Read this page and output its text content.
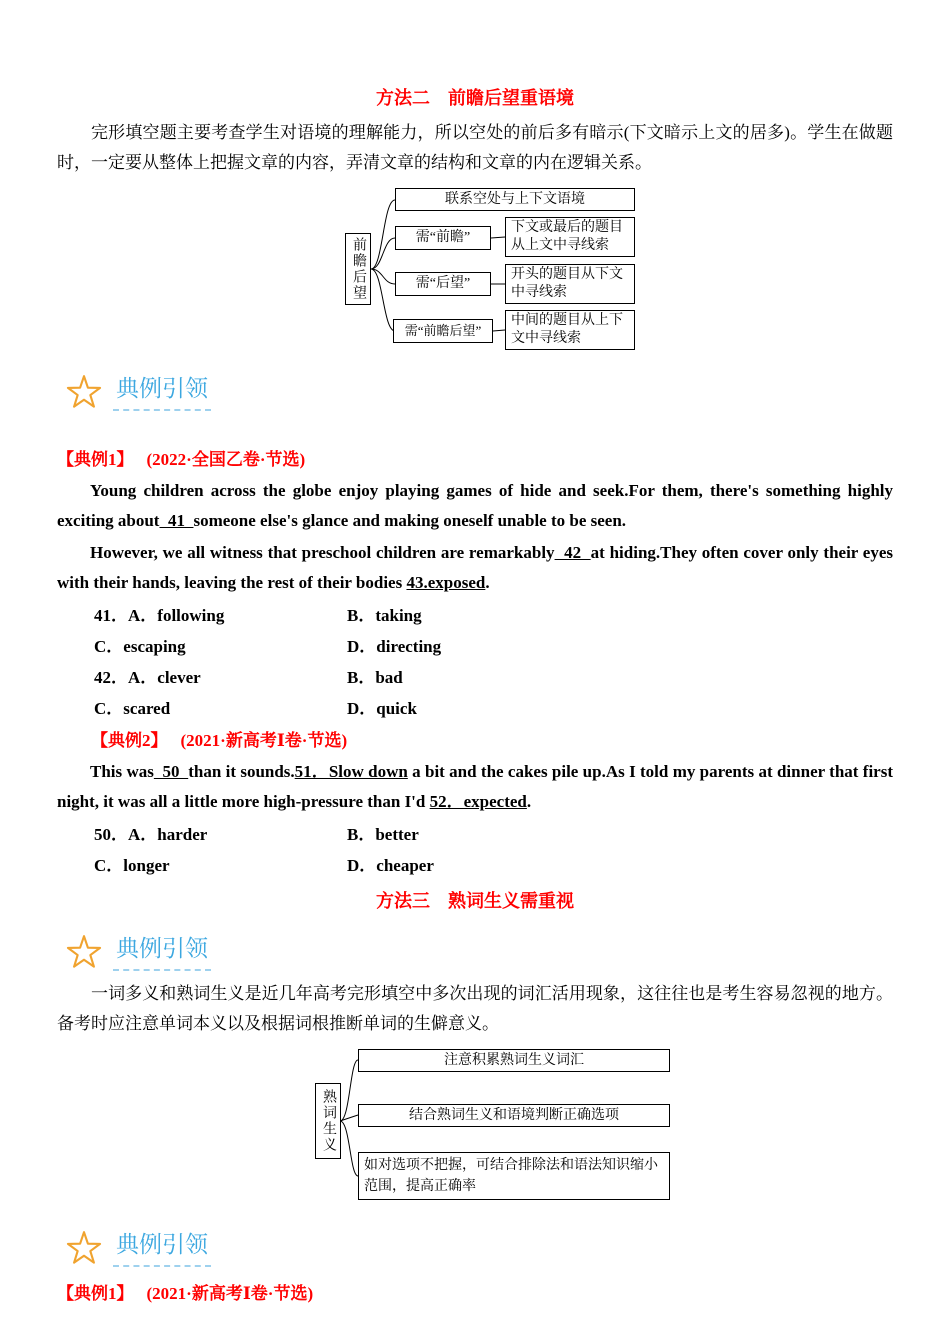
方法二　前瞻后望重语境

完形填空题主要考查学生对语境的理解能力，所以空处的前后多有暗示(下文暗示上文的居多)。学生在做题时，一定要从整体上把握文章的内容，弄清文章的结构和文章的内在逻辑关系。

前瞻后望
联系空处与上下文语境
需“前瞻”
下文或最后的题目从上文中寻线索
需“后望”
开头的题目从下文中寻线索
需“前瞻后望”
中间的题目从上下文中寻线索
典例引领
【典例1】 (2022·全国乙卷·节选)

Young children across the globe enjoy playing games of hide and seek.For them, there's something highly exciting about  41  someone else's glance and making oneself unable to be seen.

However, we all witness that preschool children are remarkably  42  at hiding.They often cover only their eyes with their hands, leaving the rest of their bodies 43.exposed.

41．A．following	B．taking
C．escaping	D．directing
42．A．clever	B．bad
C．scared	D．quick
【典例2】 (2021·新高考Ⅰ卷·节选)

This was  50  than it sounds.51．Slow down a bit and the cakes pile up.As I told my parents at dinner that first night, it was all a little more high-pressure than I'd 52．expected.

50．A．harder	B．better
C．longer	D．cheaper
方法三　熟词生义需重视
典例引领

一词多义和熟词生义是近几年高考完形填空中多次出现的词汇活用现象，这往往也是考生容易忽视的地方。备考时应注意单词本义以及根据词根推断单词的生僻意义。

熟词生义
注意积累熟词生义词汇
结合熟词生义和语境判断正确选项
如对选项不把握，可结合排除法和语法知识缩小范围，提高正确率
典例引领
【典例1】 (2021·新高考Ⅰ卷·节选)
